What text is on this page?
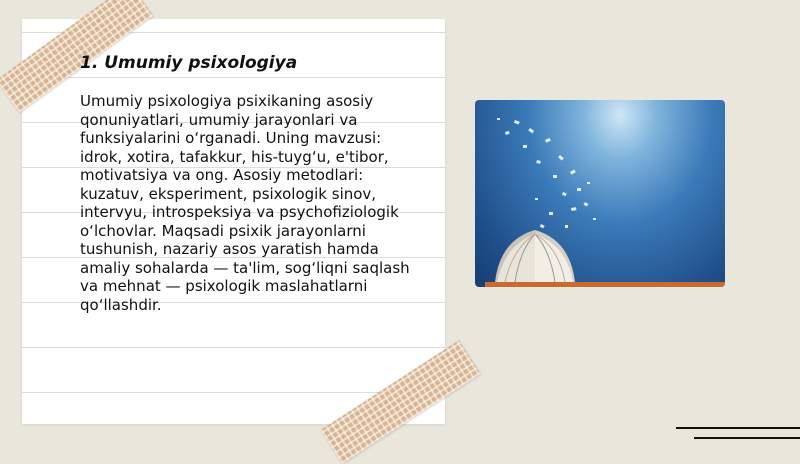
1. Umumiy psixologiya

Umumiy psixologiya psixikaning asosiy qonuniyatlari, umumiy jarayonlari va funksiyalarini o‘rganadi. Uning mavzusi: idrok, xotira, tafakkur, his-tuyg‘u, e'tibor, motivatsiya va ong. Asosiy metodlari: kuzatuv, eksperiment, psixologik sinov, intervyu, introspeksiya va psychofiziologik o‘lchovlar. Maqsadi psixik jarayonlarni tushunish, nazariy asos yaratish hamda amaliy sohalarda — ta'lim, sog‘liqni saqlash va mehnat — psixologik maslahatlarni qo‘llashdir.
